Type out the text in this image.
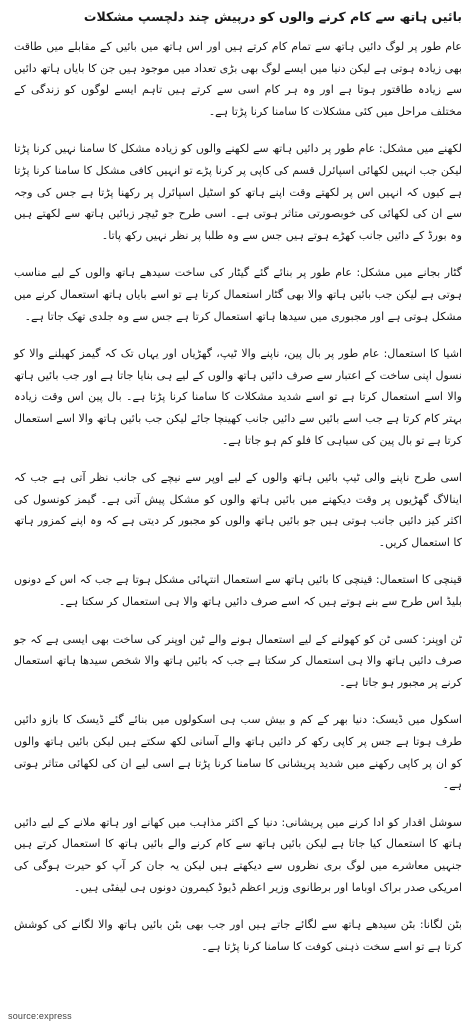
بائیں ہاتھ سے کام کرنے والوں کو درپیش چند دلچسپ مشکلات

عام طور پر لوگ دائیں ہاتھ سے تمام کام کرتے ہیں اور اس ہاتھ میں بائیں کے مقابلے میں طاقت بھی زیادہ ہوتی ہے لیکن دنیا میں ایسے لوگ بھی بڑی تعداد میں موجود ہیں جن کا بایاں ہاتھ دائیں سے زیادہ طاقتور ہوتا ہے اور وہ ہر کام اسی سے کرتے ہیں تاہم ایسے لوگوں کو زندگی کے مختلف مراحل میں کئی مشکلات کا سامنا کرنا پڑتا ہے۔

لکھنے میں مشکل: عام طور پر دائیں ہاتھ سے لکھنے والوں کو زیادہ مشکل کا سامنا نہیں کرنا پڑتا لیکن جب انہیں لکھائی اسپائرل قسم کی کاپی پر کرنا پڑے تو انہیں کافی مشکل کا سامنا کرنا پڑتا ہے کیوں کہ انہیں اس پر لکھتے وقت اپنے ہاتھ کو اسٹیل اسپائرل پر رکھنا پڑتا ہے جس کی وجہ سے ان کی لکھائی کی خوبصورتی متاثر ہوتی ہے۔ اسی طرح جو ٹیچر زبائیں ہاتھ سے لکھتے ہیں وہ بورڈ کے دائیں جانب کھڑے ہوتے ہیں جس سے وہ طلبا پر نظر نہیں رکھ پاتا۔

گٹار بجانے میں مشکل: عام طور پر بنائے گئے گیٹار کی ساخت سیدھے ہاتھ والوں کے لیے مناسب ہوتی ہے لیکن جب بائیں ہاتھ والا بھی گٹار استعمال کرتا ہے تو اسے بایاں ہاتھ استعمال کرنے میں مشکل ہوتی ہے اور مجبوری میں سیدھا ہاتھ استعمال کرتا ہے جس سے وہ جلدی تھک جاتا ہے۔

اشیا کا استعمال: عام طور پر بال پین، ناپنے والا ٹیپ، گھڑیاں اور یہاں تک کہ گیمز کھیلنے والا کو نسول اپنی ساخت کے اعتبار سے صرف دائیں ہاتھ والوں کے لیے ہی بنایا جاتا ہے اور جب بائیں ہاتھ والا اسے استعمال کرتا ہے تو اسے شدید مشکلات کا سامنا کرنا پڑتا ہے۔ بال پین اس وقت زیادہ بہتر کام کرتا ہے جب اسے بائیں سے دائیں جانب کھینچا جائے لیکن جب بائیں ہاتھ والا اسے استعمال کرتا ہے تو بال پین کی سیاہی کا فلو کم ہو جاتا ہے۔

اسی طرح ناپنے والی ٹیپ بائیں ہاتھ والوں کے لیے اوپر سے نیچے کی جانب نظر آتی ہے جب کہ اینالاگ گھڑیوں پر وقت دیکھنے میں بائیں ہاتھ والوں کو مشکل پیش آتی ہے۔ گیمز کونسول کی اکثر کیز دائیں جانب ہوتی ہیں جو بائیں ہاتھ والوں کو مجبور کر دیتی ہے کہ وہ اپنے کمزور ہاتھ کا استعمال کریں۔

قینچی کا استعمال: قینچی کا بائیں ہاتھ سے استعمال انتہائی مشکل ہوتا ہے جب کہ اس کے دونوں بلیڈ اس طرح سے بنے ہوتے ہیں کہ اسے صرف دائیں ہاتھ والا ہی استعمال کر سکتا ہے۔

ٹن اوپنر: کسی ٹن کو کھولنے کے لیے استعمال ہونے والے ٹین اوپنر کی ساخت بھی ایسی ہے کہ جو صرف دائیں ہاتھ والا ہی استعمال کر سکتا ہے جب کہ بائیں ہاتھ والا شخص سیدھا ہاتھ استعمال کرنے پر مجبور ہو جاتا ہے۔

اسکول میں ڈیسک: دنیا بھر کے کم و بیش سب ہی اسکولوں میں بنائے گئے ڈیسک کا بازو دائیں طرف ہوتا ہے جس پر کاپی رکھ کر دائیں ہاتھ والے آسانی لکھ سکتے ہیں لیکن بائیں ہاتھ والوں کو ان پر کاپی رکھنے میں شدید پریشانی کا سامنا کرنا پڑتا ہے اسی لیے ان کی لکھائی متاثر ہوتی ہے۔

سوشل اقدار کو ادا کرنے میں پریشانی: دنیا کے اکثر مذاہب میں کھانے اور ہاتھ ملانے کے لیے دائیں ہاتھ کا استعمال کیا جاتا ہے لیکن بائیں ہاتھ سے کام کرنے والے بائیں ہاتھ کا استعمال کرتے ہیں جنہیں معاشرے میں لوگ بری نظروں سے دیکھتے ہیں لیکن یہ جان کر آپ کو حیرت ہوگی کی امریکی صدر براک اوباما اور برطانوی وزیر اعظم ڈیوڈ کیمرون دونوں ہی لیفٹی ہیں۔

بٹن لگانا: بٹن سیدھے ہاتھ سے لگائے جاتے ہیں اور جب بھی بٹن بائیں ہاتھ والا لگانے کی کوشش کرتا ہے تو اسے سخت ذہنی کوفت کا سامنا کرنا پڑتا ہے۔

source:express
